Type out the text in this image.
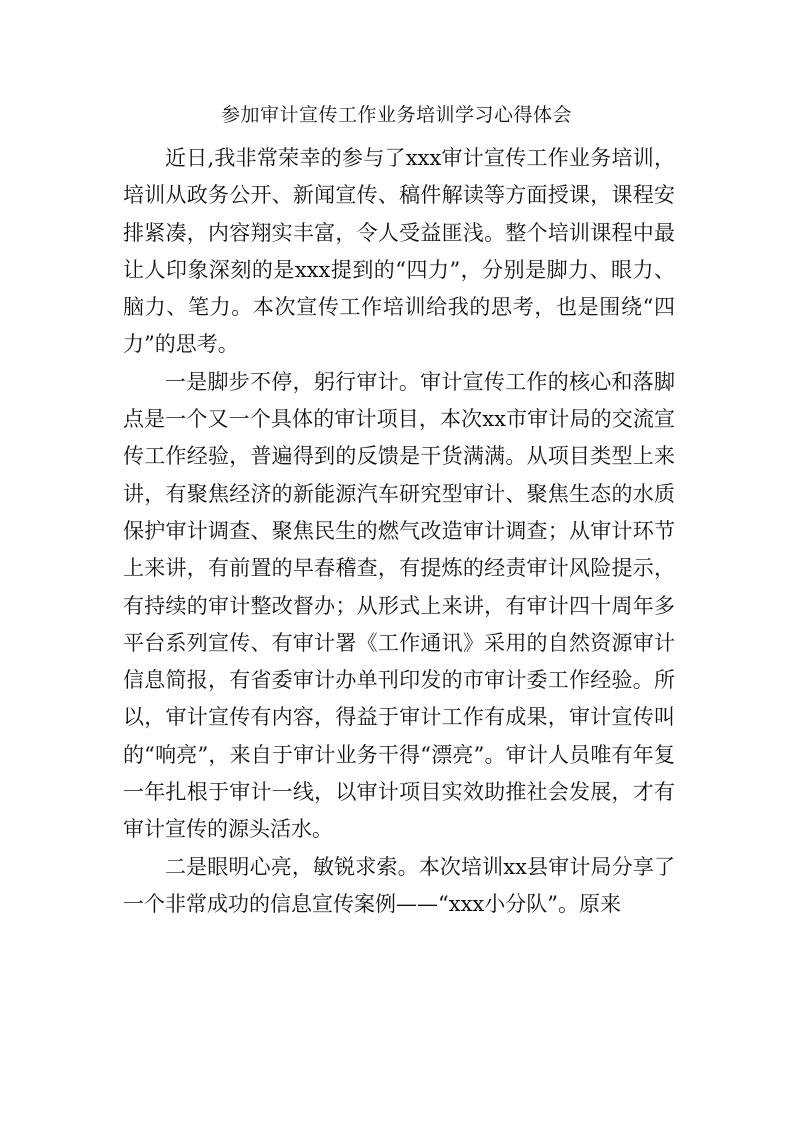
参加审计宣传工作业务培训学习心得体会

近日,我非常荣幸的参与了xxx审计宣传工作业务培训，培训从政务公开、新闻宣传、稿件解读等方面授课，课程安排紧凑，内容翔实丰富，令人受益匪浅。整个培训课程中最让人印象深刻的是xxx提到的“四力”，分别是脚力、眼力、脑力、笔力。本次宣传工作培训给我的思考，也是围绕“四力”的思考。

一是脚步不停，躬行审计。审计宣传工作的核心和落脚点是一个又一个具体的审计项目，本次xx市审计局的交流宣传工作经验，普遍得到的反馈是干货满满。从项目类型上来讲，有聚焦经济的新能源汽车研究型审计、聚焦生态的水质保护审计调查、聚焦民生的燃气改造审计调查；从审计环节上来讲，有前置的早春稽查，有提炼的经责审计风险提示，有持续的审计整改督办；从形式上来讲，有审计四十周年多平台系列宣传、有审计署《工作通讯》采用的自然资源审计信息简报，有省委审计办单刊印发的市审计委工作经验。所以，审计宣传有内容，得益于审计工作有成果，审计宣传叫的“响亮”，来自于审计业务干得“漂亮”。审计人员唯有年复一年扎根于审计一线，以审计项目实效助推社会发展，才有审计宣传的源头活水。

二是眼明心亮，敏锐求索。本次培训xx县审计局分享了一个非常成功的信息宣传案例——“xxx小分队”。原来
